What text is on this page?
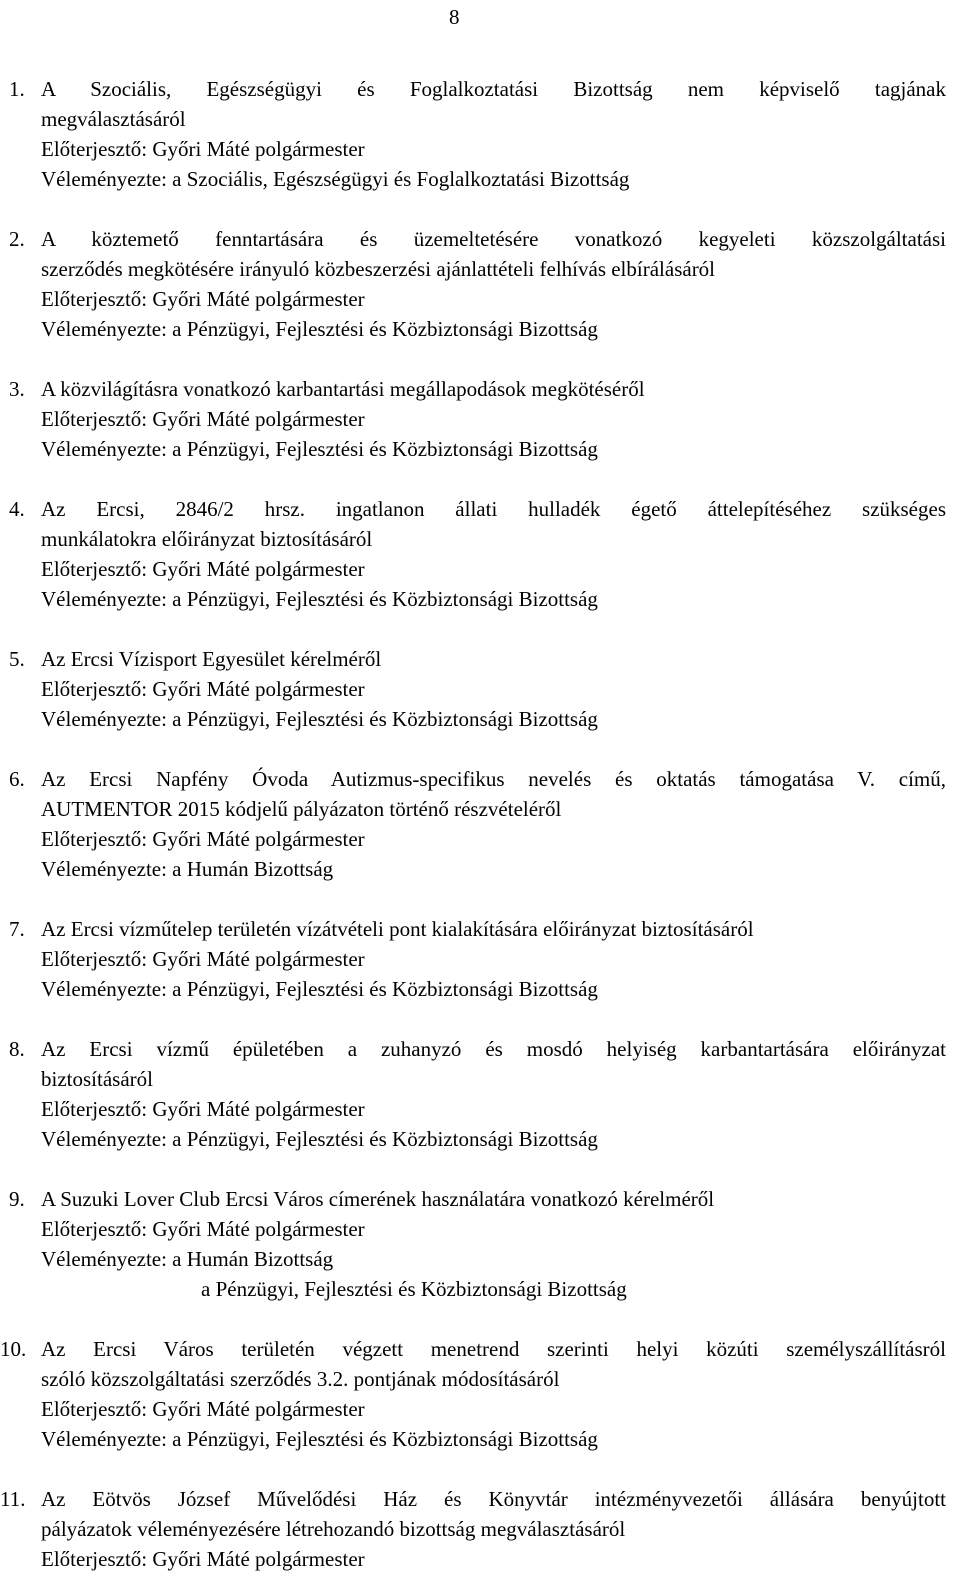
8
1. A Szociális, Egészségügyi és Foglalkoztatási Bizottság nem képviselő tagjának
megválasztásáról
Előterjesztő: Győri Máté polgármester
Véleményezte: a Szociális, Egészségügyi és Foglalkoztatási Bizottság
2. A köztemető fenntartására és üzemeltetésére vonatkozó kegyeleti közszolgáltatási
szerződés megkötésére irányuló közbeszerzési ajánlattételi felhívás elbírálásáról
Előterjesztő: Győri Máté polgármester
Véleményezte: a Pénzügyi, Fejlesztési és Közbiztonsági Bizottság
3. A közvilágításra vonatkozó karbantartási megállapodások megkötéséről
Előterjesztő: Győri Máté polgármester
Véleményezte: a Pénzügyi, Fejlesztési és Közbiztonsági Bizottság
4. Az Ercsi, 2846/2 hrsz. ingatlanon állati hulladék égető áttelepítéséhez szükséges
munkálatokra előirányzat biztosításáról
Előterjesztő: Győri Máté polgármester
Véleményezte: a Pénzügyi, Fejlesztési és Közbiztonsági Bizottság
5. Az Ercsi Vízisport Egyesület kérelméről
Előterjesztő: Győri Máté polgármester
Véleményezte: a Pénzügyi, Fejlesztési és Közbiztonsági Bizottság
6. Az Ercsi Napfény Óvoda Autizmus-specifikus nevelés és oktatás támogatása V. című,
AUTMENTOR 2015 kódjelű pályázaton történő részvételéről
Előterjesztő: Győri Máté polgármester
Véleményezte: a Humán Bizottság
7. Az Ercsi vízműtelep területén vízátvételi pont kialakítására előirányzat biztosításáról
Előterjesztő: Győri Máté polgármester
Véleményezte: a Pénzügyi, Fejlesztési és Közbiztonsági Bizottság
8. Az Ercsi vízmű épületében a zuhanyzó és mosdó helyiség karbantartására előirányzat
biztosításáról
Előterjesztő: Győri Máté polgármester
Véleményezte: a Pénzügyi, Fejlesztési és Közbiztonsági Bizottság
9. A Suzuki Lover Club Ercsi Város címerének használatára vonatkozó kérelméről
Előterjesztő: Győri Máté polgármester
Véleményezte: a Humán Bizottság
a Pénzügyi, Fejlesztési és Közbiztonsági Bizottság
10. Az Ercsi Város területén végzett menetrend szerinti helyi közúti személyszállításról
szóló közszolgáltatási szerződés 3.2. pontjának módosításáról
Előterjesztő: Győri Máté polgármester
Véleményezte: a Pénzügyi, Fejlesztési és Közbiztonsági Bizottság
11. Az Eötvös József Művelődési Ház és Könyvtár intézményvezetői állására benyújtott
pályázatok véleményezésére létrehozandó bizottság megválasztásáról
Előterjesztő: Győri Máté polgármester
